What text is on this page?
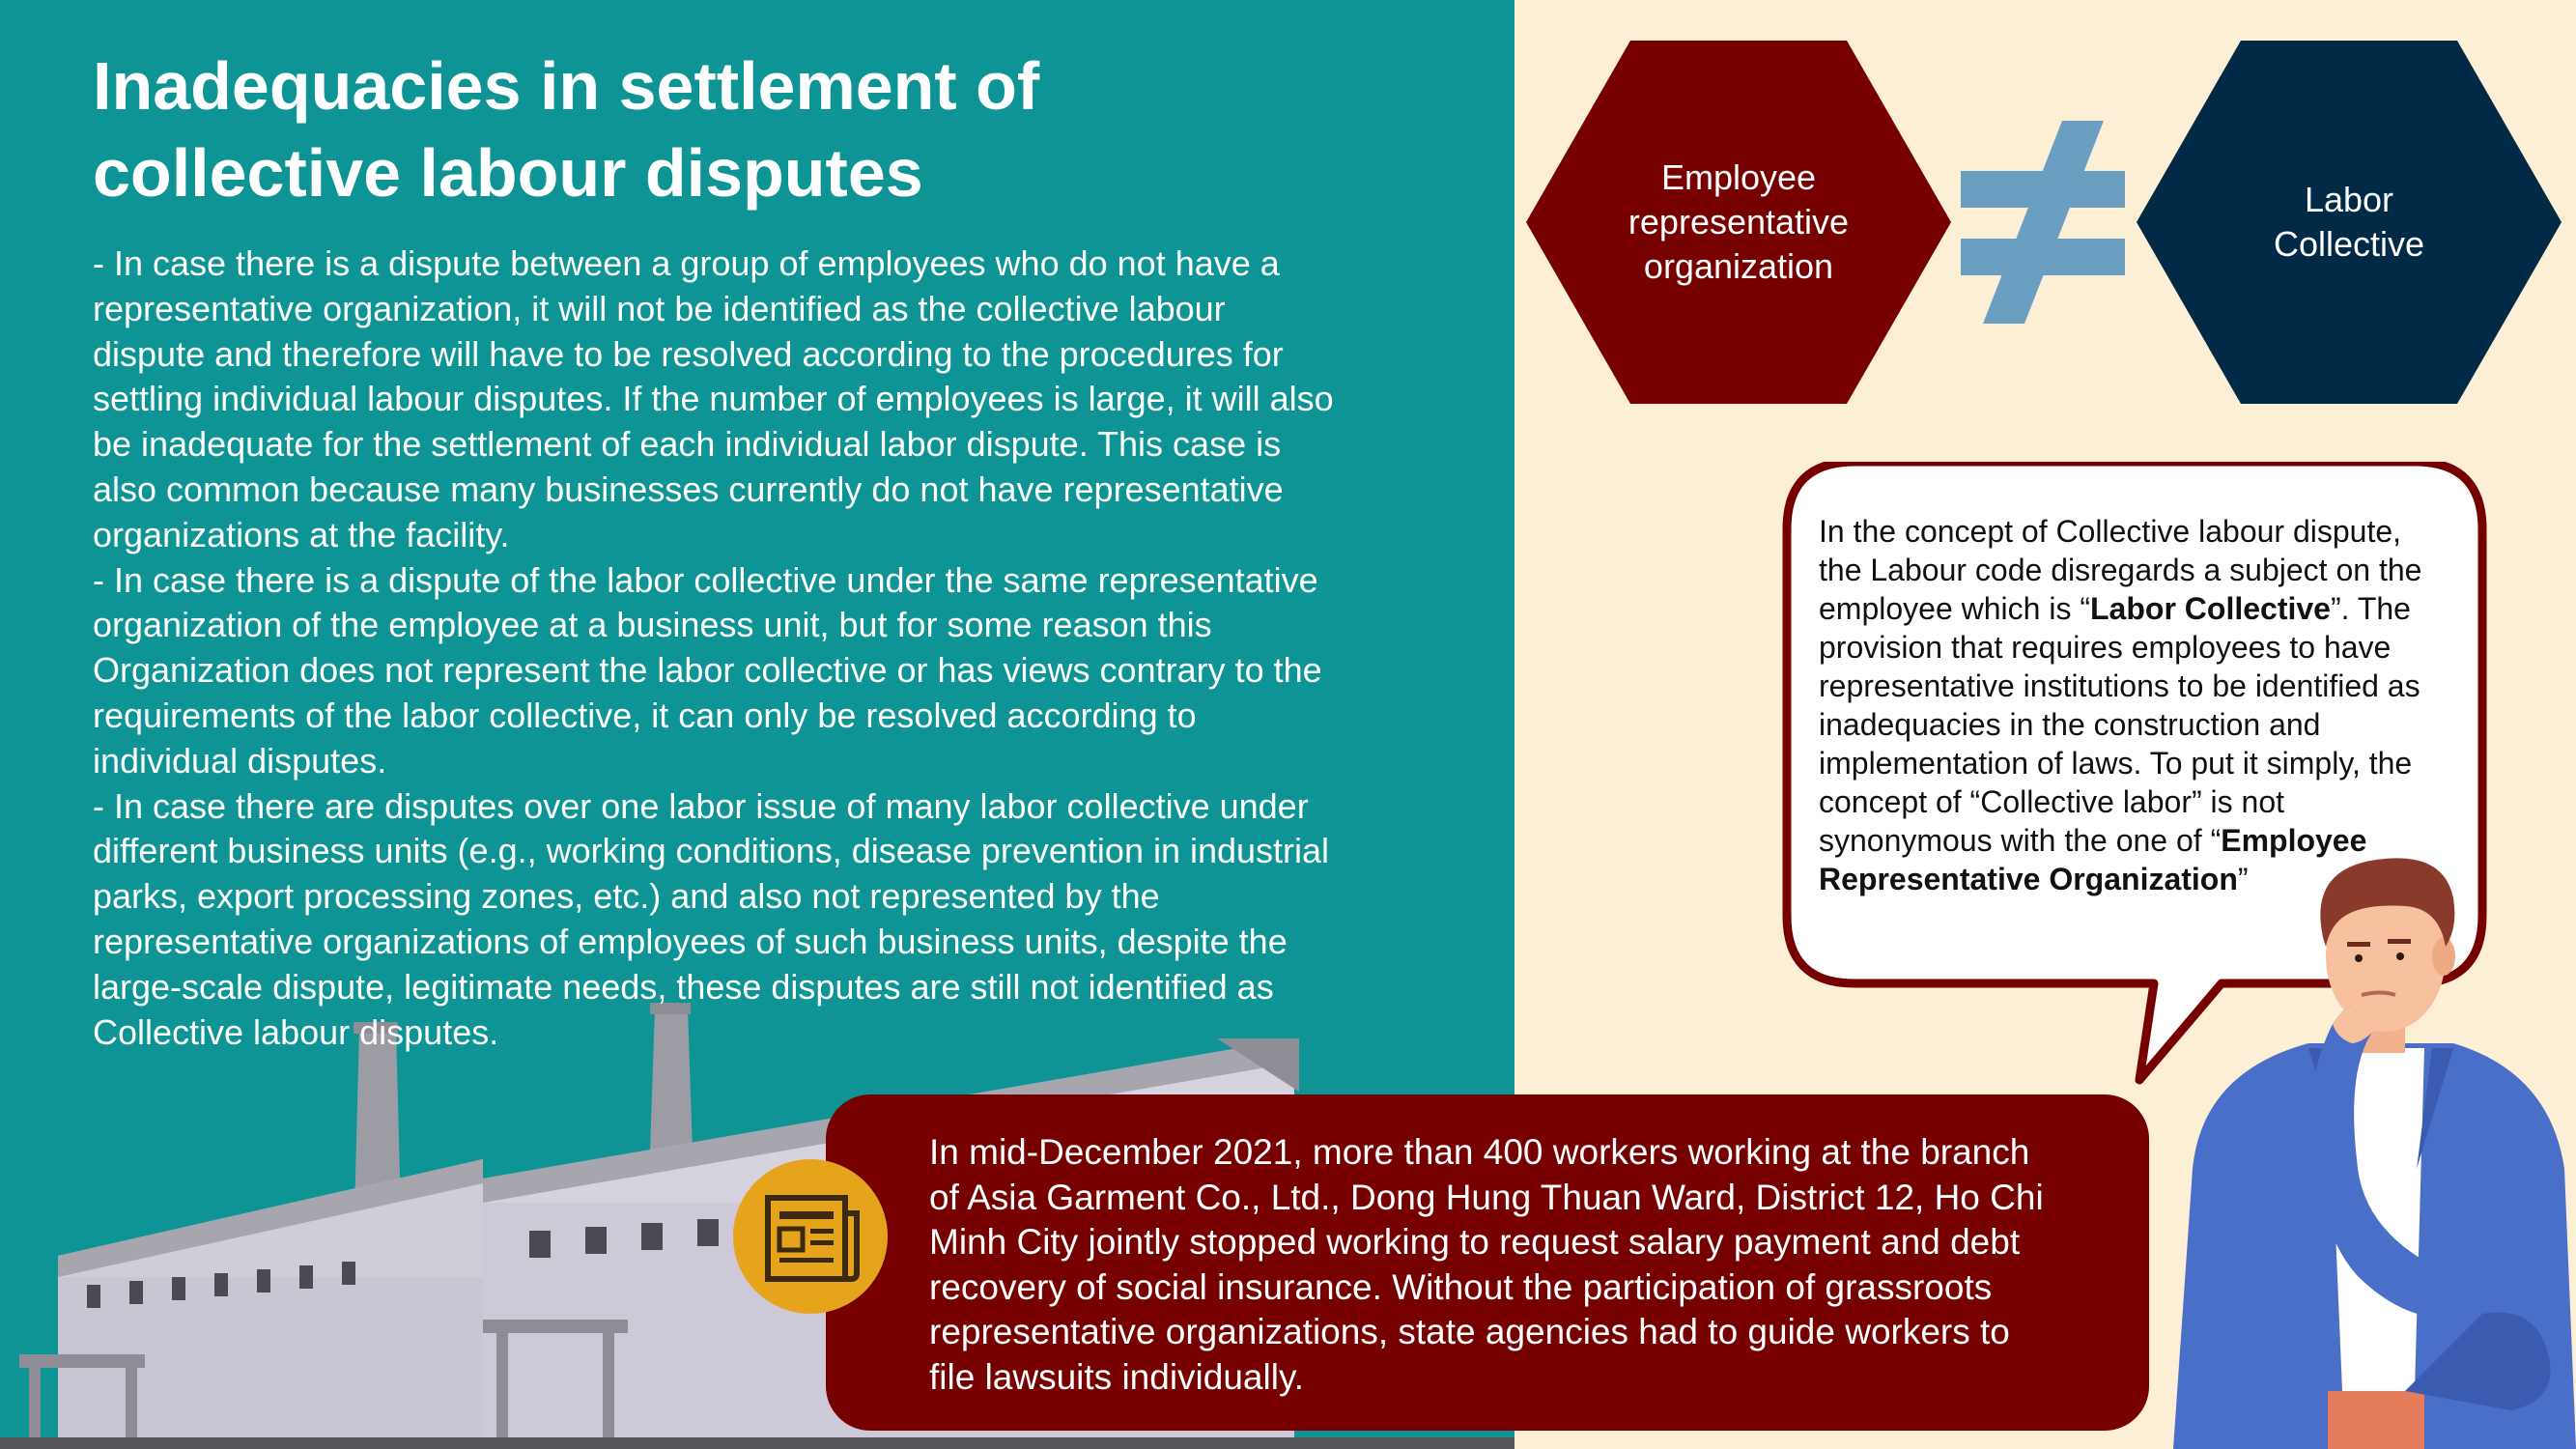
Inadequacies in settlement of
collective labour disputes

- In case there is a dispute between a group of employees who do not have a

representative organization, it will not be identified as the collective labour

dispute and therefore will have to be resolved according to the procedures for

settling individual labour disputes. If the number of employees is large, it will also

be inadequate for the settlement of each individual labor dispute. This case is

also common because many businesses currently do not have representative

organizations at the facility.

- In case there is a dispute of the labor collective under the same representative

organization of the employee at a business unit, but for some reason this

Organization does not represent the labor collective or has views contrary to the

requirements of the labor collective, it can only be resolved according to

individual disputes.

- In case there are disputes over one labor issue of many labor collective under

different business units (e.g., working conditions, disease prevention in industrial

parks, export processing zones, etc.) and also not represented by the

representative organizations of employees of such business units, despite the

large-scale dispute, legitimate needs, these disputes are still not identified as

Collective labour disputes.

Employee
representative
organization
Labor
Collective
In the concept of Collective labour dispute,
the Labour code disregards a subject on the
employee which is “Labor Collective”. The
provision that requires employees to have
representative institutions to be identified as
inadequacies in the construction and
implementation of laws. To put it simply, the
concept of “Collective labor” is not
synonymous with the one of “Employee
Representative Organization”

In mid-December 2021, more than 400 workers working at the branch

of Asia Garment Co., Ltd., Dong Hung Thuan Ward, District 12, Ho Chi

Minh City jointly stopped working to request salary payment and debt

recovery of social insurance. Without the participation of grassroots

representative organizations, state agencies had to guide workers to

file lawsuits individually.
